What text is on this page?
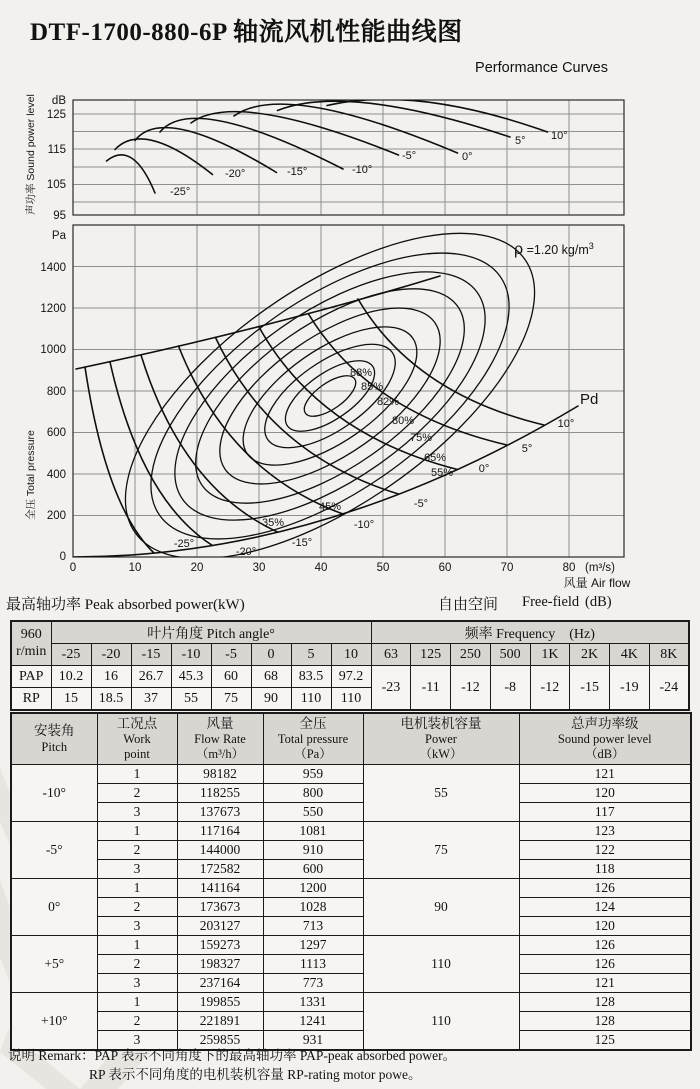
DTF-1700-880-6P 轴流风机性能曲线图
Performance Curves
dB
125
115
105
95
-25°
-20°	-15°	-10°
-5°	0°
5° 10°
声功率 Sound power level
Pa
1400
1200
1000
800
600
400
200
0
0	10	20	30	40	50	60	70	80 (m³/s)
风量 Air flow
ρ =1.20 $kg/m^3$
Pd
88%
85%
82%
80%
75%
65%
55%
45%
35%
-25°
-20°
-15°
-10°
-5°
0°
5°
10°
全压 Total pressure
最高轴功率 Peak absorbed power(kW)	自由空间 Free-field (dB)
960
r/min	叶片角度 Pitch angle°								频率 Frequency　(Hz)							
	-25	-20	-15	-10	-5	0	5	10	63	125	250	500	1K	2K	4K	8K
PAP	10.2	16	26.7	45.3	60	68	83.5	97.2	-23	-11	-12	-8	-12	-15	-19	-24
RP	15	18.5	37	55	75	90	110	110								
安装角
Pitch

工况点
Work
point

风量
Flow Rate
（m³/h）

全压
Total pressure
（Pa）

电机装机容量
Power
（kW）

总声功率级
Sound power level
（dB）

-10°	1	98182	959	55	121
	2	118255	800		120
	3	137673	550		117
-5°	1	117164	1081	75	123
	2	144000	910		122
	3	172582	600		118
0°	1	141164	1200	90	126
	2	173673	1028		124
	3	203127	713		120
+5°	1	159273	1297	110	126
	2	198327	1113		126
	3	237164	773		121
+10°	1	199855	1331	110	128
	2	221891	1241		128
	3	259855	931		125
说明 Remark：PAP 表示不同角度下的最高轴功率 PAP-peak absorbed power。
RP 表示不同角度的电机装机容量 RP-rating motor powe。
